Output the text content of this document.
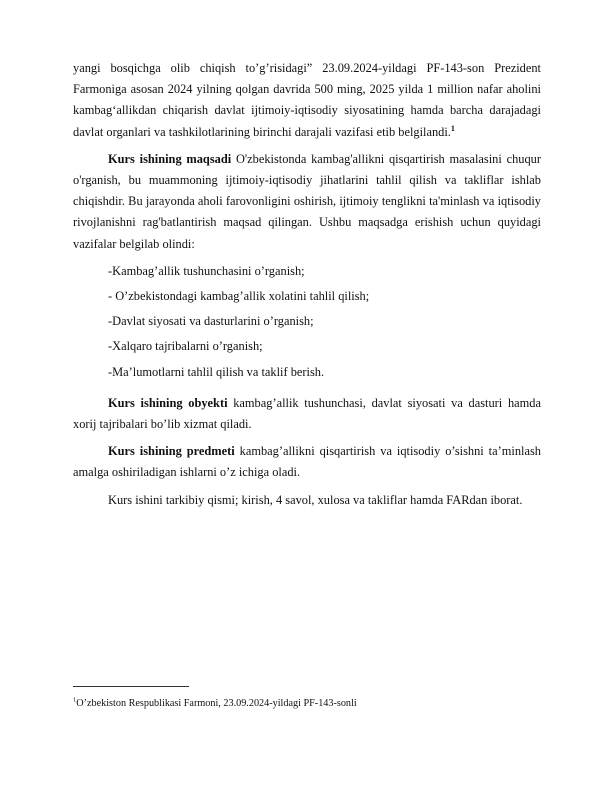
yangi bosqichga olib chiqish to’g’risidagi” 23.09.2024-yildagi PF-143-son Prezident Farmoniga asosan 2024 yilning qolgan davrida 500 ming, 2025 yilda 1 million nafar aholini kambag‘allikdan chiqarish davlat ijtimoiy-iqtisodiy siyosatining hamda barcha darajadagi davlat organlari va tashkilotlarining birinchi darajali vazifasi etib belgilandi.$^1$

Kurs ishining maqsadi O'zbekistonda kambag'allikni qisqartirish masalasini chuqur o'rganish, bu muammoning ijtimoiy-iqtisodiy jihatlarini tahlil qilish va takliflar ishlab chiqishdir. Bu jarayonda aholi farovonligini oshirish, ijtimoiy tenglikni ta'minlash va iqtisodiy rivojlanishni rag'batlantirish maqsad qilingan. Ushbu maqsadga erishish uchun quyidagi vazifalar belgilab olindi:

-Kambag’allik tushunchasini o’rganish;

- O’zbekistondagi kambag’allik xolatini tahlil qilish;

-Davlat siyosati va dasturlarini o’rganish;

-Xalqaro tajribalarni o’rganish;

-Ma’lumotlarni tahlil qilish va taklif berish.

Kurs ishining obyekti kambag’allik tushunchasi, davlat siyosati va dasturi hamda xorij tajribalari bo’lib xizmat qiladi.

Kurs ishining predmeti kambag’allikni qisqartirish va iqtisodiy o’sishni ta’minlash amalga oshiriladigan ishlarni o’z ichiga oladi.

Kurs ishini tarkibiy qismi; kirish, 4 savol, xulosa va takliflar hamda FARdan iborat.

$^1$O’zbekiston Respublikasi Farmoni, 23.09.2024-yildagi PF-143-sonli
